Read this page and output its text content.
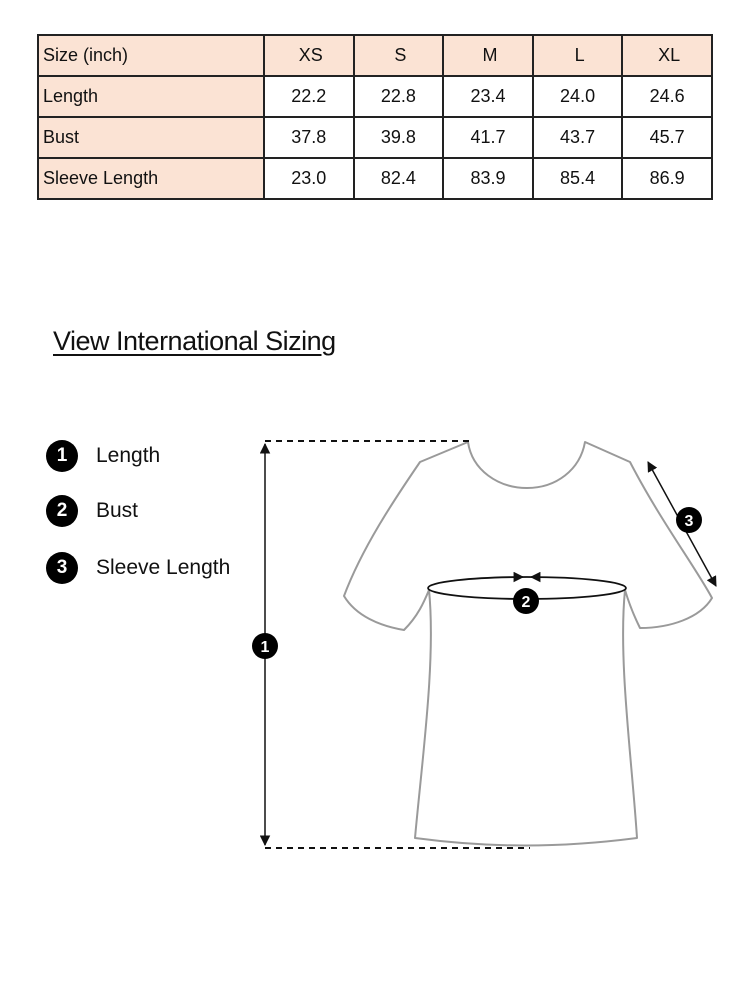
Size (inch)	XS	S	M	L	XL
Length	22.2	22.8	23.4	24.0	24.6
Bust	37.8	39.8	41.7	43.7	45.7
Sleeve Length	23.0	82.4	83.9	85.4	86.9
View International Sizing
1	Length
2	Bust
3	Sleeve Length
1
2
3
